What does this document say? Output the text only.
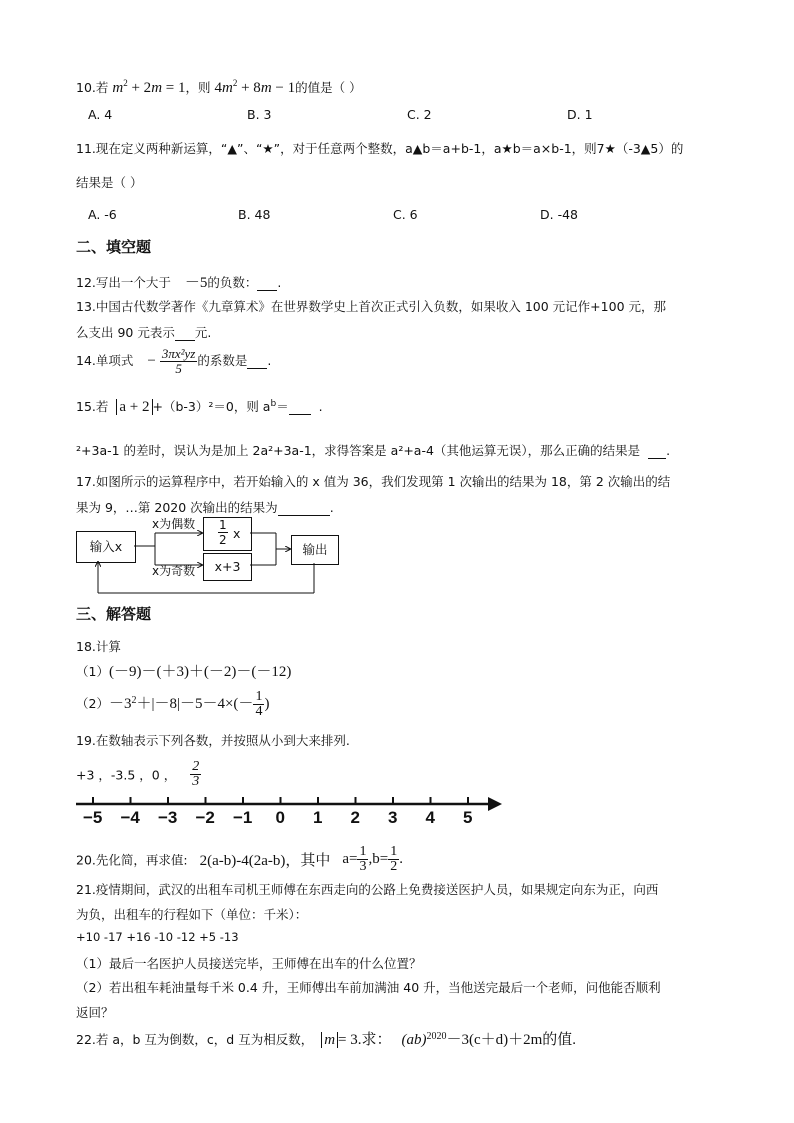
10.若 $m^2 + 2m = 1$，则 $4m^2 + 8m - 1$的值是（ ）
A. 4	B. 3	C. 2	D. 1
11.现在定义两种新运算，“▲”、“★”，对于任意两个整数，a▲b＝a+b-1，a★b＝a×b-1，则7★（-3▲5）的
结果是（ ）
A. -6	B. 48	C. 6	D. -48
二、填空题
12.写出一个大于 －5的负数： .
13.中国古代数学著作《九章算术》在世界数学史上首次正式引入负数，如果收入 100 元记作+100 元，那
么支出 90 元表示 元.
14.单项式 − $\frac{\text{3πx²yz}}{5}$ 的系数是 .
15.若 a + 2 +（b-3）²＝0，则 $a^b=$   .
²+3a-1 的差时，误认为是加上 2a²+3a-1，求得答案是 a²+a-4（其他运算无误），那么正确的结果是 .
17.如图所示的运算程序中，若开始输入的 x 值为 36，我们发现第 1 次输出的结果为 18，第 2 次输出的结
果为 9，…第 2020 次输出的结果为	.
输入x	$\frac{1}{2}$ x
x+3
输出
x为偶数
x为奇数
三、解答题
18.计算
（1）(－9)－(＋3)＋(－2)－(－12)
$(2)-3^2+|-8|-5-4\times(- \frac{1}{4}$ )
19.在数轴表示下列各数，并按照从小到大来排列.
+3 ，-3.5 ，0 ， $\frac{2}{3}$
−5 −4 −3 −2 −1 0 1 2 3 4 5
20.先化简，再求值: 2(a-b)-4(2a-b)，其中 $a= \frac{1}{3} ,b= \frac{1}{2}$ .
21.疫情期间，武汉的出租车司机王师傅在东西走向的公路上免费接送医护人员，如果规定向东为正，向西
为负，出租车的行程如下（单位：千米）：
+10 -17 +16 -10 -12 +5 -13
（1）最后一名医护人员接送完毕，王师傅在出车的什么位置？
（2）若出租车耗油量每千米 0.4 升，王师傅出车前加满油 40 升，当他送完最后一个老师，问他能否顺利
返回？
22.若 a，b 互为倒数，c，d 互为相反数， m = 3.求： (ab)$^{2020}$－3(c＋d)＋2m的值.
